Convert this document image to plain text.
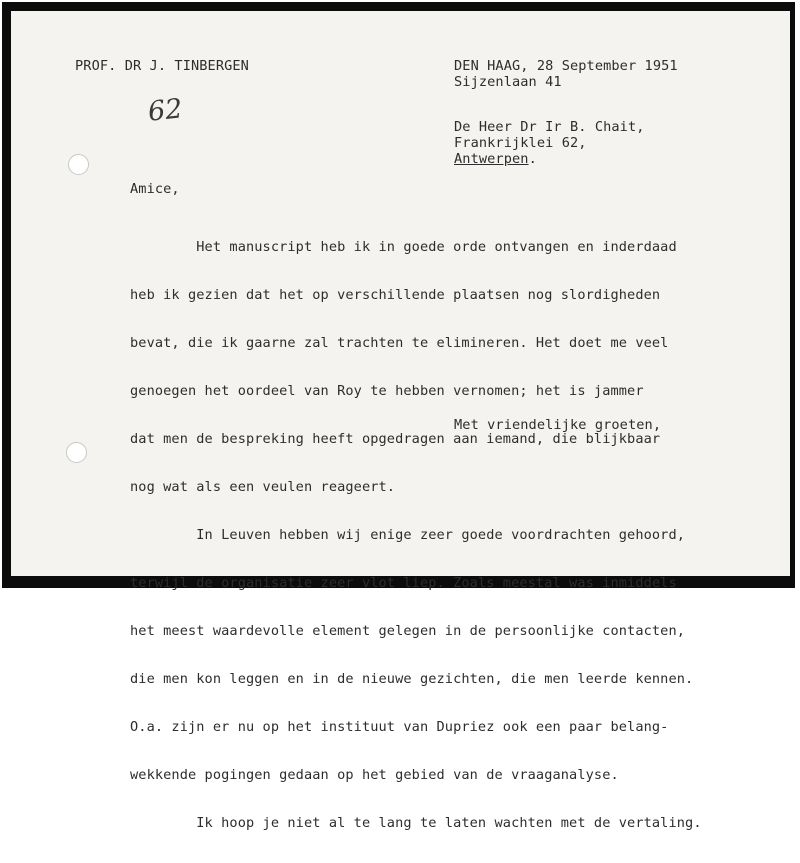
PROF. DR J. TINBERGEN	DEN HAAG, 28 September 1951

Sijzenlaan 41

62	De Heer Dr Ir B. Chait,

Frankrijklei 62,

Antwerpen.

Amice,

Het manuscript heb ik in goede orde ontvangen en inderdaad

heb ik gezien dat het op verschillende plaatsen nog slordigheden

bevat, die ik gaarne zal trachten te elimineren. Het doet me veel

genoegen het oordeel van Roy te hebben vernomen; het is jammer

dat men de bespreking heeft opgedragen aan iemand, die blijkbaar

nog wat als een veulen reageert.

In Leuven hebben wij enige zeer goede voordrachten gehoord,

terwijl de organisatie zeer vlot liep. Zoals meestal was inmiddels

het meest waardevolle element gelegen in de persoonlijke contacten,

die men kon leggen en in de nieuwe gezichten, die men leerde kennen.

O.a. zijn er nu op het instituut van Dupriez ook een paar belang-

wekkende pogingen gedaan op het gebied van de vraaganalyse.

Ik hoop je niet al te lang te laten wachten met de vertaling.

Met vriendelijke groeten,
